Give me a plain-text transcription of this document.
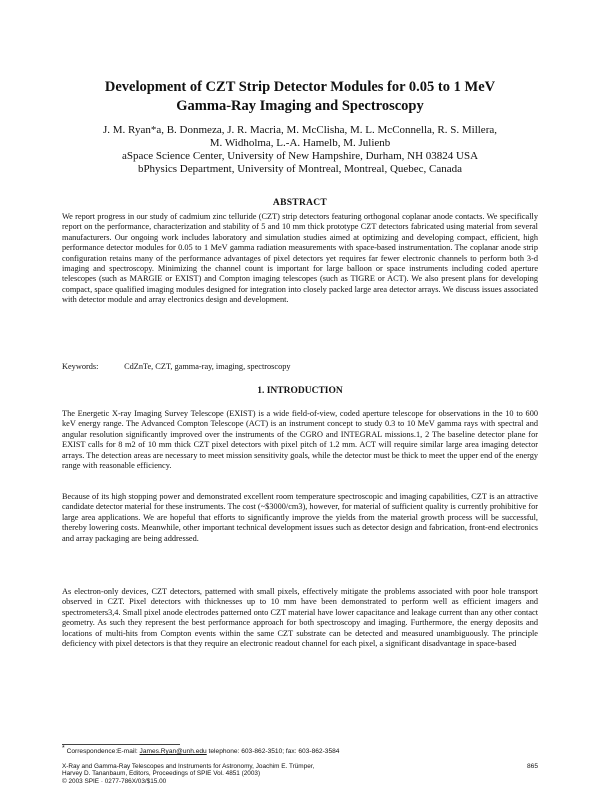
Development of CZT Strip Detector Modules for 0.05 to 1 MeV
Gamma-Ray Imaging and Spectroscopy
J. M. Ryan*a, B. Donmeza, J. R. Macria, M. McClisha, M. L. McConnella, R. S. Millera,
M. Widholma, L.-A. Hamelb, M. Julienb
aSpace Science Center, University of New Hampshire, Durham, NH 03824 USA
bPhysics Department, University of Montreal, Montreal, Quebec, Canada
ABSTRACT
We report progress in our study of cadmium zinc telluride (CZT) strip detectors featuring orthogonal coplanar anode contacts. We specifically report on the performance, characterization and stability of 5 and 10 mm thick prototype CZT detectors fabricated using material from several manufacturers. Our ongoing work includes laboratory and simulation studies aimed at optimizing and developing compact, efficient, high performance detector modules for 0.05 to 1 MeV gamma radiation measurements with space-based instrumentation. The coplanar anode strip configuration retains many of the performance advantages of pixel detectors yet requires far fewer electronic channels to perform both 3-d imaging and spectroscopy. Minimizing the channel count is important for large balloon or space instruments including coded aperture telescopes (such as MARGIE or EXIST) and Compton imaging telescopes (such as TIGRE or ACT). We also present plans for developing compact, space qualified imaging modules designed for integration into closely packed large area detector arrays. We discuss issues associated with detector module and array electronics design and development.
Keywords:	CdZnTe, CZT, gamma-ray, imaging, spectroscopy
1. INTRODUCTION
The Energetic X-ray Imaging Survey Telescope (EXIST) is a wide field-of-view, coded aperture telescope for observations in the 10 to 600 keV energy range. The Advanced Compton Telescope (ACT) is an instrument concept to study 0.3 to 10 MeV gamma rays with spectral and angular resolution significantly improved over the instruments of the CGRO and INTEGRAL missions.1, 2 The baseline detector plane for EXIST calls for 8 m2 of 10 mm thick CZT pixel detectors with pixel pitch of 1.2 mm. ACT will require similar large area imaging detector arrays. The detection areas are necessary to meet mission sensitivity goals, while the detector must be thick to meet the upper end of the energy range with reasonable efficiency.
Because of its high stopping power and demonstrated excellent room temperature spectroscopic and imaging capabilities, CZT is an attractive candidate detector material for these instruments. The cost (~$3000/cm3), however, for material of sufficient quality is currently prohibitive for large area applications. We are hopeful that efforts to significantly improve the yields from the material growth process will be successful, thereby lowering costs. Meanwhile, other important technical development issues such as detector design and fabrication, front-end electronics and array packaging are being addressed.
As electron-only devices, CZT detectors, patterned with small pixels, effectively mitigate the problems associated with poor hole transport observed in CZT. Pixel detectors with thicknesses up to 10 mm have been demonstrated to perform well as efficient imagers and spectrometers3,4. Small pixel anode electrodes patterned onto CZT material have lower capacitance and leakage current than any other contact geometry. As such they represent the best performance approach for both spectroscopy and imaging. Furthermore, the energy deposits and locations of multi-hits from Compton events within the same CZT substrate can be detected and measured unambiguously. The principle deficiency with pixel detectors is that they require an electronic readout channel for each pixel, a significant disadvantage in space-based
* Correspondence:E-mail: James.Ryan@unh.edu telephone: 603-862-3510; fax: 603-862-3584
X-Ray and Gamma-Ray Telescopes and Instruments for Astronomy, Joachim E. Trümper,
Harvey D. Tananbaum, Editors, Proceedings of SPIE Vol. 4851 (2003)
© 2003 SPIE · 0277-786X/03/$15.00
865
